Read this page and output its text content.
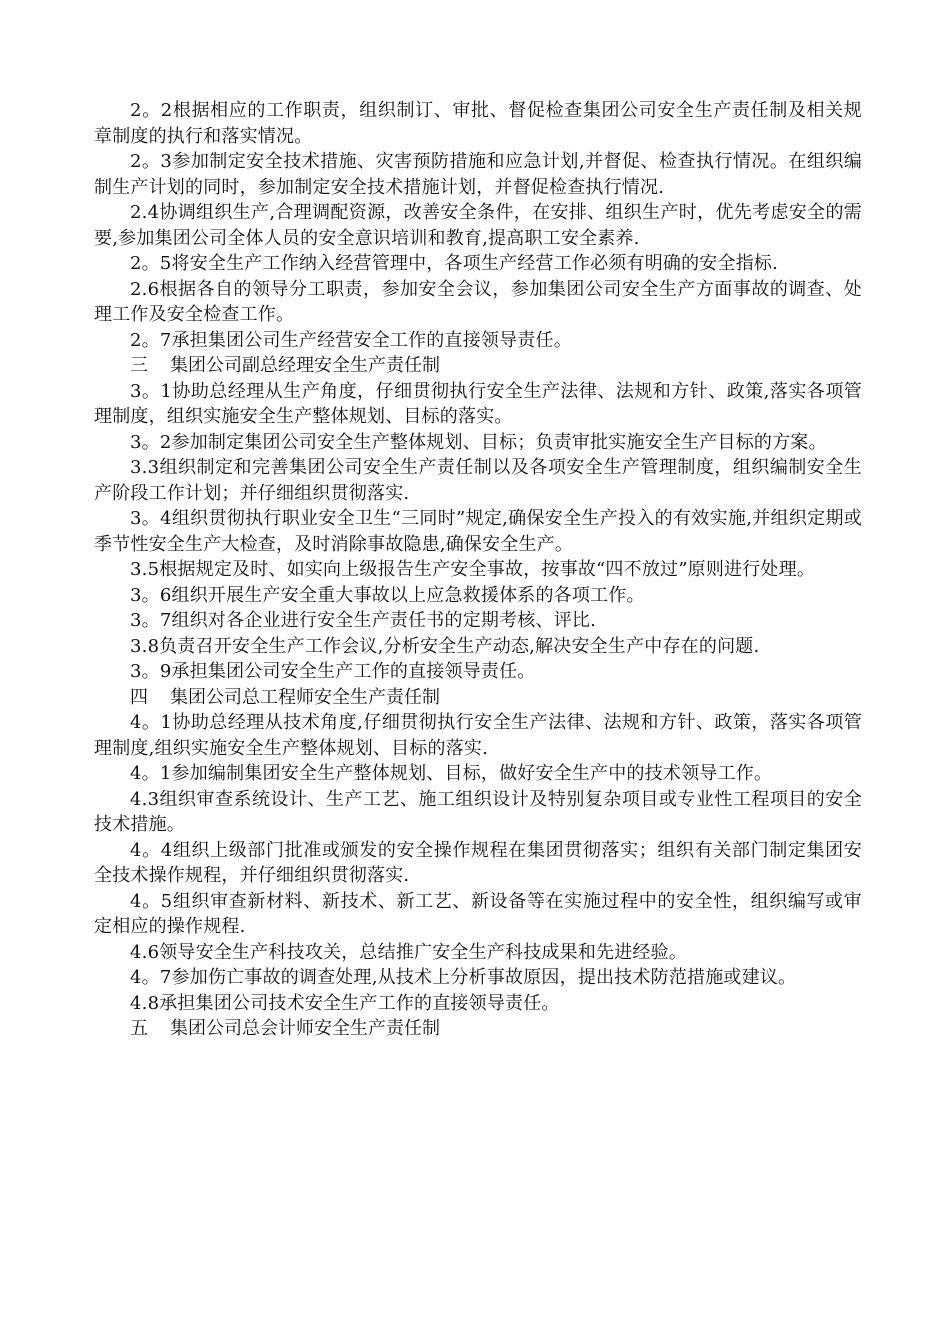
2。2根据相应的工作职责，组织制订、审批、督促检查集团公司安全生产责任制及相关规章制度的执行和落实情况。

2。3参加制定安全技术措施、灾害预防措施和应急计划,并督促、检查执行情况。在组织编制生产计划的同时，参加制定安全技术措施计划，并督促检查执行情况.

2.4协调组织生产,合理调配资源，改善安全条件，在安排、组织生产时，优先考虑安全的需要,参加集团公司全体人员的安全意识培训和教育,提高职工安全素养.

2。5将安全生产工作纳入经营管理中，各项生产经营工作必须有明确的安全指标.

2.6根据各自的领导分工职责，参加安全会议，参加集团公司安全生产方面事故的调查、处理工作及安全检查工作。

2。7承担集团公司生产经营安全工作的直接领导责任。

三 集团公司副总经理安全生产责任制

3。1协助总经理从生产角度，仔细贯彻执行安全生产法律、法规和方针、政策,落实各项管理制度，组织实施安全生产整体规划、目标的落实。

3。2参加制定集团公司安全生产整体规划、目标；负责审批实施安全生产目标的方案。

3.3组织制定和完善集团公司安全生产责任制以及各项安全生产管理制度，组织编制安全生产阶段工作计划；并仔细组织贯彻落实.

3。4组织贯彻执行职业安全卫生“三同时”规定,确保安全生产投入的有效实施,并组织定期或季节性安全生产大检查，及时消除事故隐患,确保安全生产。

3.5根据规定及时、如实向上级报告生产安全事故，按事故“四不放过”原则进行处理。

3。6组织开展生产安全重大事故以上应急救援体系的各项工作。

3。7组织对各企业进行安全生产责任书的定期考核、评比.

3.8负责召开安全生产工作会议,分析安全生产动态,解决安全生产中存在的问题.

3。9承担集团公司安全生产工作的直接领导责任。

四 集团公司总工程师安全生产责任制

4。1协助总经理从技术角度,仔细贯彻执行安全生产法律、法规和方针、政策，落实各项管理制度,组织实施安全生产整体规划、目标的落实.

4。1参加编制集团安全生产整体规划、目标，做好安全生产中的技术领导工作。

4.3组织审查系统设计、生产工艺、施工组织设计及特别复杂项目或专业性工程项目的安全技术措施。

4。4组织上级部门批准或颁发的安全操作规程在集团贯彻落实；组织有关部门制定集团安全技术操作规程，并仔细组织贯彻落实.

4。5组织审查新材料、新技术、新工艺、新设备等在实施过程中的安全性，组织编写或审定相应的操作规程.

4.6领导安全生产科技攻关，总结推广安全生产科技成果和先进经验。

4。7参加伤亡事故的调查处理,从技术上分析事故原因，提出技术防范措施或建议。

4.8承担集团公司技术安全生产工作的直接领导责任。

五 集团公司总会计师安全生产责任制
